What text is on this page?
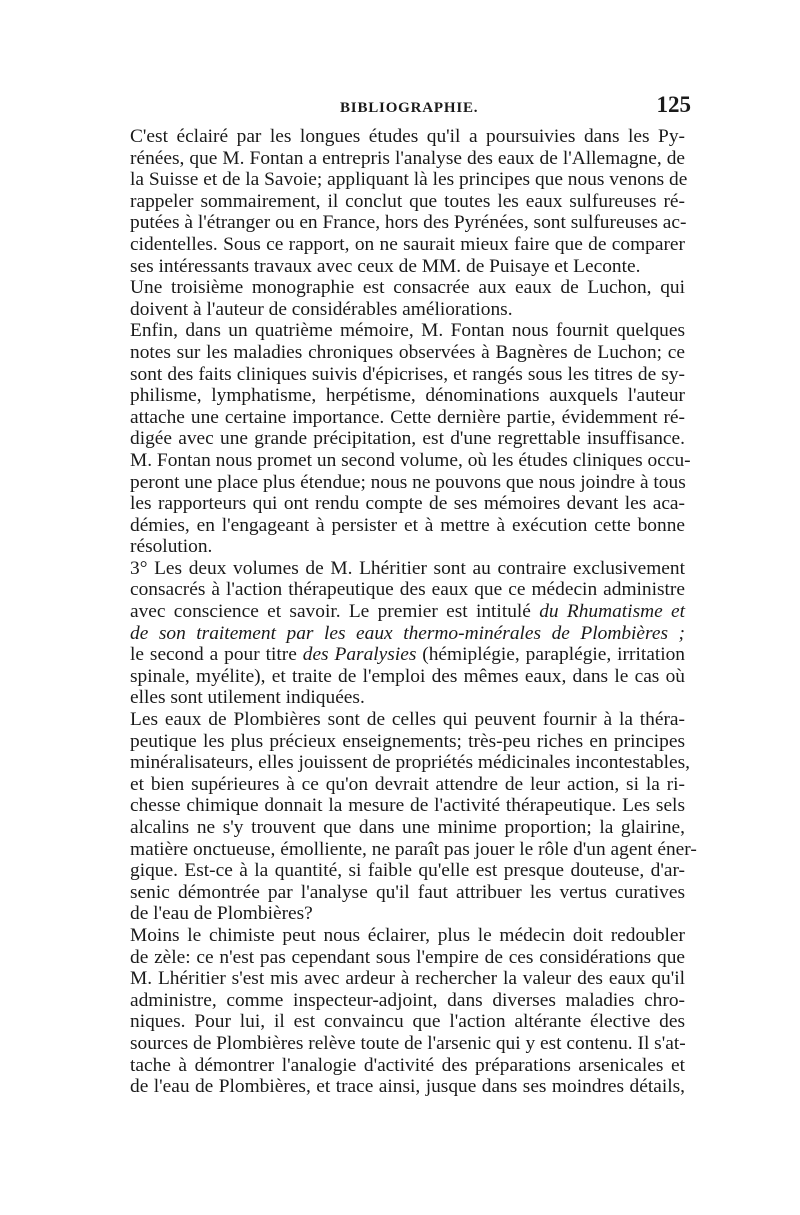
BIBLIOGRAPHIE.	125
C'est éclairé par les longues études qu'il a poursuivies dans les Py-
rénées, que M. Fontan a entrepris l'analyse des eaux de l'Allemagne, de
la Suisse et de la Savoie; appliquant là les principes que nous venons de
rappeler sommairement, il conclut que toutes les eaux sulfureuses ré-
putées à l'étranger ou en France, hors des Pyrénées, sont sulfureuses ac-
cidentelles. Sous ce rapport, on ne saurait mieux faire que de comparer
ses intéressants travaux avec ceux de MM. de Puisaye et Leconte.
Une troisième monographie est consacrée aux eaux de Luchon, qui
doivent à l'auteur de considérables améliorations.
Enfin, dans un quatrième mémoire, M. Fontan nous fournit quelques
notes sur les maladies chroniques observées à Bagnères de Luchon; ce
sont des faits cliniques suivis d'épicrises, et rangés sous les titres de sy-
philisme, lymphatisme, herpétisme, dénominations auxquels l'auteur
attache une certaine importance. Cette dernière partie, évidemment ré-
digée avec une grande précipitation, est d'une regrettable insuffisance.
M. Fontan nous promet un second volume, où les études cliniques occu-
peront une place plus étendue; nous ne pouvons que nous joindre à tous
les rapporteurs qui ont rendu compte de ses mémoires devant les aca-
démies, en l'engageant à persister et à mettre à exécution cette bonne
résolution.
3° Les deux volumes de M. Lhéritier sont au contraire exclusivement
consacrés à l'action thérapeutique des eaux que ce médecin administre
avec conscience et savoir. Le premier est intitulé du Rhumatisme et
de son traitement par les eaux thermo-minérales de Plombières ;
le second a pour titre des Paralysies (hémiplégie, paraplégie, irritation
spinale, myélite), et traite de l'emploi des mêmes eaux, dans le cas où
elles sont utilement indiquées.
Les eaux de Plombières sont de celles qui peuvent fournir à la théra-
peutique les plus précieux enseignements; très-peu riches en principes
minéralisateurs, elles jouissent de propriétés médicinales incontestables,
et bien supérieures à ce qu'on devrait attendre de leur action, si la ri-
chesse chimique donnait la mesure de l'activité thérapeutique. Les sels
alcalins ne s'y trouvent que dans une minime proportion; la glairine,
matière onctueuse, émolliente, ne paraît pas jouer le rôle d'un agent éner-
gique. Est-ce à la quantité, si faible qu'elle est presque douteuse, d'ar-
senic démontrée par l'analyse qu'il faut attribuer les vertus curatives
de l'eau de Plombières?
Moins le chimiste peut nous éclairer, plus le médecin doit redoubler
de zèle: ce n'est pas cependant sous l'empire de ces considérations que
M. Lhéritier s'est mis avec ardeur à rechercher la valeur des eaux qu'il
administre, comme inspecteur-adjoint, dans diverses maladies chro-
niques. Pour lui, il est convaincu que l'action altérante élective des
sources de Plombières relève toute de l'arsenic qui y est contenu. Il s'at-
tache à démontrer l'analogie d'activité des préparations arsenicales et
de l'eau de Plombières, et trace ainsi, jusque dans ses moindres détails,
